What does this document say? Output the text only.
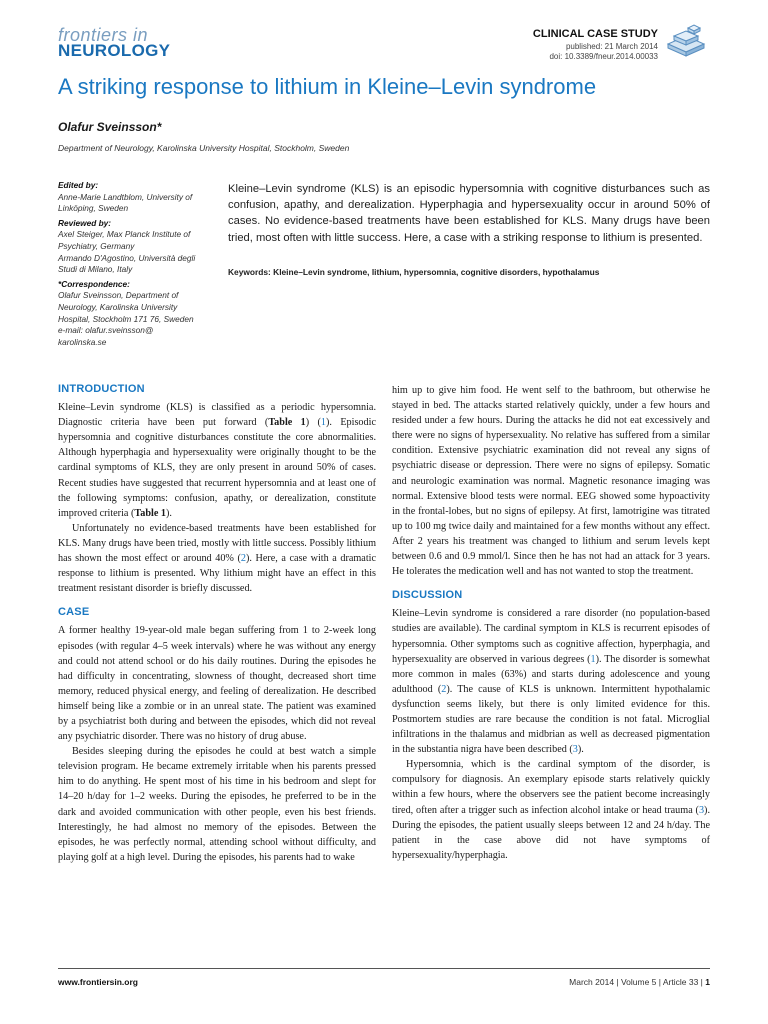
frontiers in
NEUROLOGY
CLINICAL CASE STUDY
published: 21 March 2014
doi: 10.3389/fneur.2014.00033
A striking response to lithium in Kleine–Levin syndrome
Olafur Sveinsson*
Department of Neurology, Karolinska University Hospital, Stockholm, Sweden
Edited by:
Anne-Marie Landtblom, University of
Linköping, Sweden
Reviewed by:
Axel Steiger, Max Planck Institute of
Psychiatry, Germany
Armando D'Agostino, Università degli
Studi di Milano, Italy
*Correspondence:
Olafur Sveinsson, Department of
Neurology, Karolinska University
Hospital, Stockholm 171 76, Sweden
e-mail: olafur.sveinsson@
karolinska.se
Kleine–Levin syndrome (KLS) is an episodic hypersomnia with cognitive disturbances such as confusion, apathy, and derealization. Hyperphagia and hypersexuality occur in around 50% of cases. No evidence-based treatments have been established for KLS. Many drugs have been tried, most often with little success. Here, a case with a striking response to lithium is presented.
Keywords: Kleine–Levin syndrome, lithium, hypersomnia, cognitive disorders, hypothalamus
INTRODUCTION

Kleine–Levin syndrome (KLS) is classified as a periodic hypersomnia. Diagnostic criteria have been put forward (Table 1) (1). Episodic hypersomnia and cognitive disturbances constitute the core abnormalities. Although hyperphagia and hypersexuality were originally thought to be the cardinal symptoms of KLS, they are only present in around 50% of cases. Recent studies have suggested that recurrent hypersomnia and at least one of the following symptoms: confusion, apathy, or derealization, constitute improved criteria (Table 1).

Unfortunately no evidence-based treatments have been established for KLS. Many drugs have been tried, mostly with little success. Possibly lithium has shown the most effect or around 40% (2). Here, a case with a dramatic response to lithium is presented. Why lithium might have an effect in this treatment resistant disorder is briefly discussed.

CASE

A former healthy 19-year-old male began suffering from 1 to 2-week long episodes (with regular 4–5 week intervals) where he was without any energy and could not attend school or do his daily routines. During the episodes he had difficulty in concentrating, slowness of thought, decreased short time memory, reduced physical energy, and feeling of derealization. He described himself being like a zombie or in an unreal state. The patient was examined by a psychiatrist both during and between the episodes, which did not reveal any psychiatric disorder. There was no history of drug abuse.

Besides sleeping during the episodes he could at best watch a simple television program. He became extremely irritable when his parents pressed him to do anything. He spent most of his time in his bedroom and slept for 14–20 h/day for 1–2 weeks. During the episodes, he preferred to be in the dark and avoided communication with other people, even his best friends. Interestingly, he had almost no memory of the episodes. Between the episodes, he was perfectly normal, attending school without difficulty, and playing golf at a high level. During the episodes, his parents had to wake

him up to give him food. He went self to the bathroom, but otherwise he stayed in bed. The attacks started relatively quickly, under a few hours and resided under a few hours. During the attacks he did not eat excessively and there were no signs of hypersexuality. No relative has suffered from a similar condition. Extensive psychiatric examination did not reveal any signs of psychiatric disease or depression. There were no signs of epilepsy. Somatic and neurologic examination was normal. Magnetic resonance imaging was normal. Extensive blood tests were normal. EEG showed some hypoactivity in the frontal-lobes, but no signs of epilepsy. At first, lamotrigine was titrated up to 100 mg twice daily and maintained for a few months without any effect. After 2 years his treatment was changed to lithium and serum levels kept between 0.6 and 0.9 mmol/l. Since then he has not had an attack for 3 years. He tolerates the medication well and has not wanted to stop the treatment.

DISCUSSION

Kleine–Levin syndrome is considered a rare disorder (no population-based studies are available). The cardinal symptom in KLS is recurrent episodes of hypersomnia. Other symptoms such as cognitive affection, hyperphagia, and hypersexuality are observed in various degrees (1). The disorder is somewhat more common in males (63%) and starts during adolescence and young adulthood (2). The cause of KLS is unknown. Intermittent hypothalamic dysfunction seems likely, but there is only limited evidence for this. Postmortem studies are rare because the condition is not fatal. Microglial infiltrations in the thalamus and midbrian as well as decreased pigmentation in the substantia nigra have been described (3).

Hypersomnia, which is the cardinal symptom of the disorder, is compulsory for diagnosis. An exemplary episode starts relatively quickly within a few hours, where the observers see the patient become increasingly tired, often after a trigger such as infection alcohol intake or head trauma (3). During the episodes, the patient usually sleeps between 12 and 24 h/day. The patient in the case above did not have symptoms of hypersexuality/hyperphagia.

www.frontiersin.org	March 2014 | Volume 5 | Article 33 | 1
